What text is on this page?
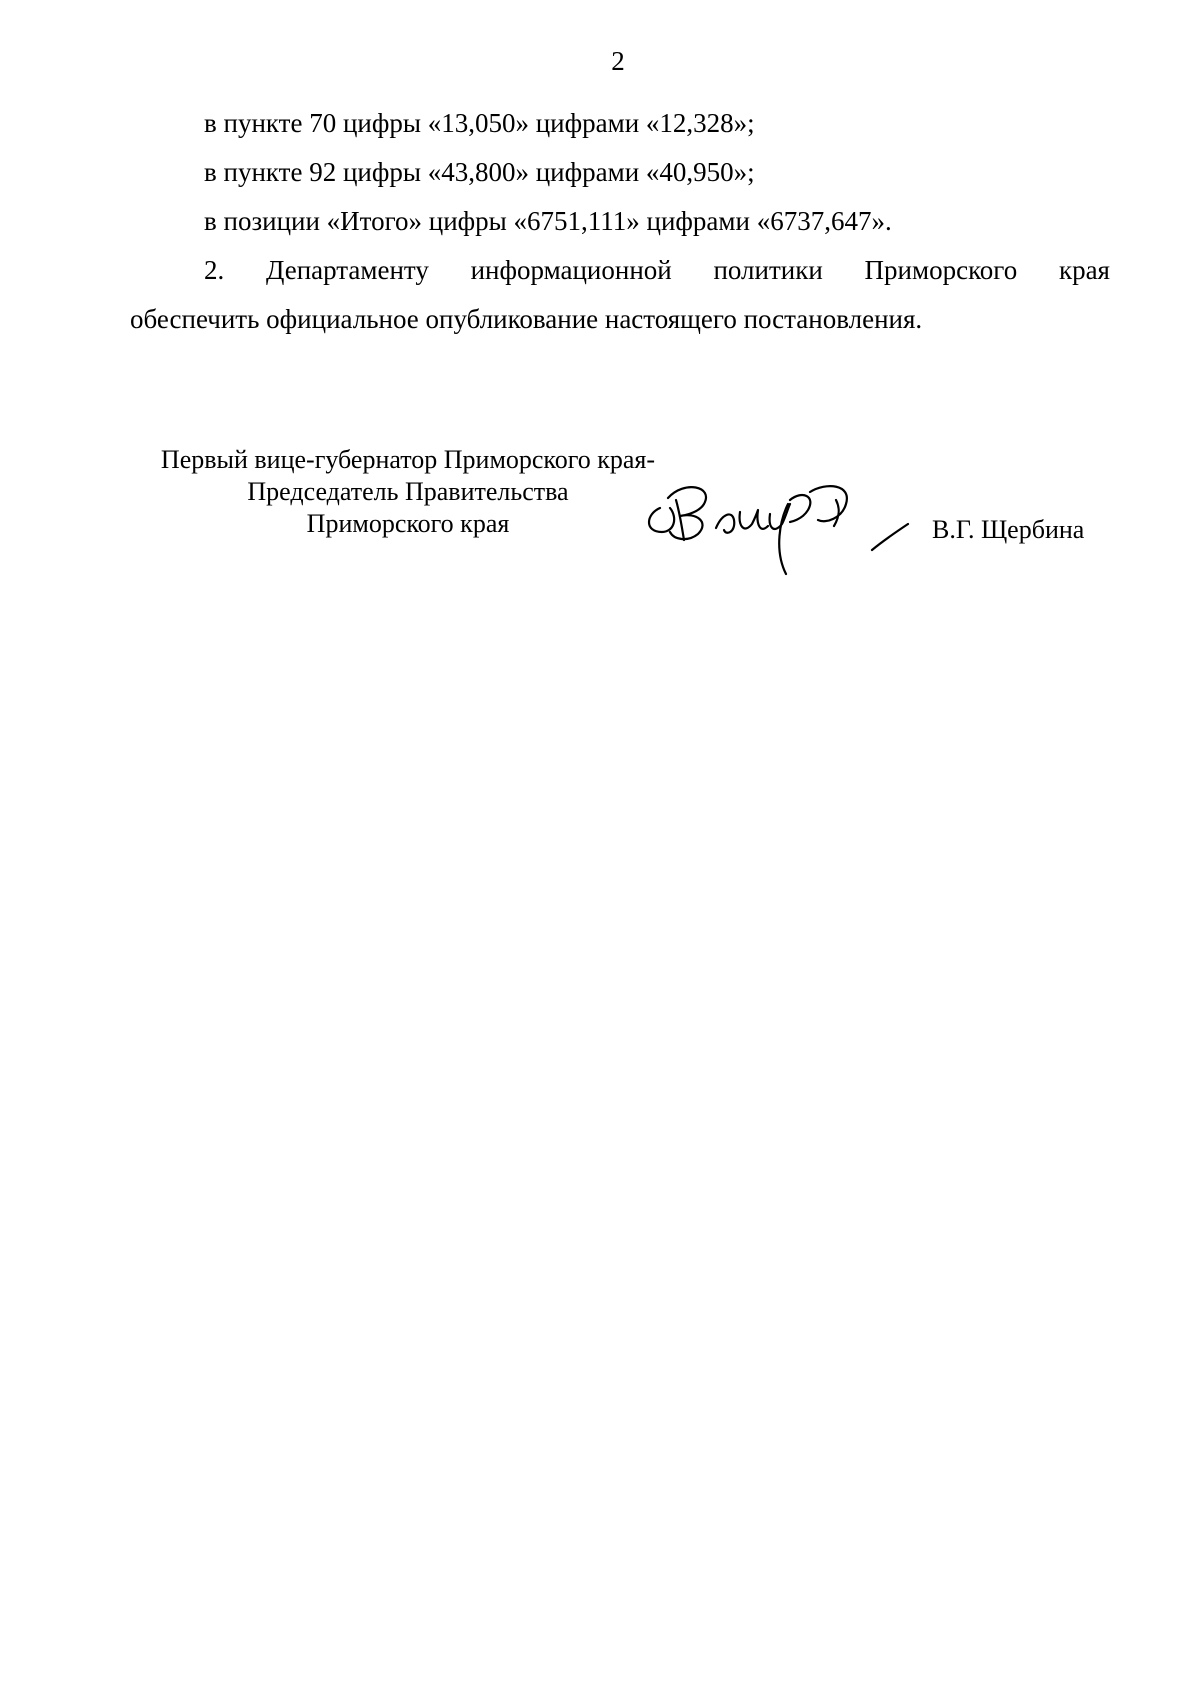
2
в пункте 70 цифры «13,050» цифрами «12,328»;
в пункте 92 цифры «43,800» цифрами «40,950»;
в позиции «Итого» цифры «6751,111» цифрами «6737,647».
2. Департаменту информационной политики Приморского края
обеспечить официальное опубликование настоящего постановления.
Первый вице-губернатор Приморского края-
Председатель Правительства
Приморского края	В.Г. Щербина
